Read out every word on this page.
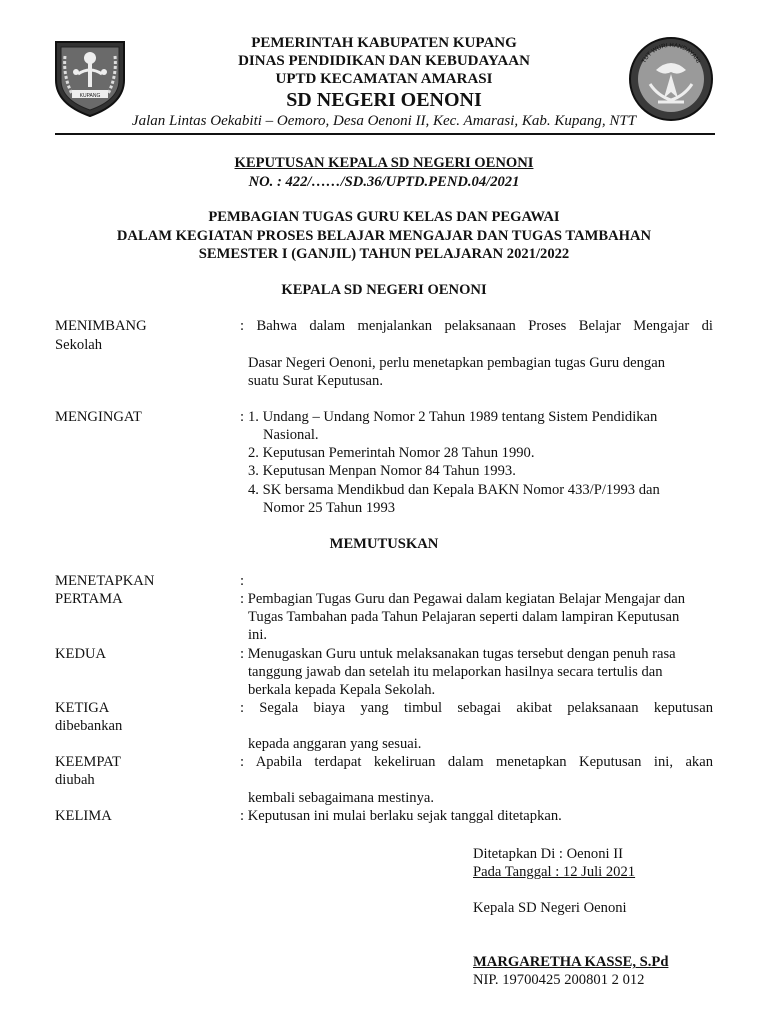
KUPANG
TUT WURI HANDAYANI
PEMERINTAH KABUPATEN KUPANG
DINAS PENDIDIKAN DAN KEBUDAYAAN
UPTD KECAMATAN AMARASI
SD NEGERI OENONI
Jalan Lintas Oekabiti – Oemoro, Desa Oenoni II, Kec. Amarasi, Kab. Kupang, NTT
KEPUTUSAN KEPALA SD NEGERI OENONI
NO. : 422/……/SD.36/UPTD.PEND.04/2021
PEMBAGIAN TUGAS GURU KELAS DAN PEGAWAI
DALAM KEGIATAN PROSES BELAJAR MENGAJAR DAN TUGAS TAMBAHAN
SEMESTER I (GANJIL) TAHUN PELAJARAN 2021/2022
KEPALA SD NEGERI OENONI
MENIMBANG	: Bahwa dalam menjalankan pelaksanaan Proses Belajar Mengajar di
Sekolah
Dasar Negeri Oenoni, perlu menetapkan pembagian tugas Guru dengan
suatu Surat Keputusan.
MENGINGAT	: 1. Undang – Undang Nomor 2 Tahun 1989 tentang Sistem Pendidikan
Nasional.
2. Keputusan Pemerintah Nomor 28 Tahun 1990.
3. Keputusan Menpan Nomor 84 Tahun 1993.
4. SK bersama Mendikbud dan Kepala BAKN Nomor 433/P/1993 dan
Nomor 25 Tahun 1993
MEMUTUSKAN
MENETAPKAN	:
PERTAMA	: Pembagian Tugas Guru dan Pegawai dalam kegiatan Belajar Mengajar dan
Tugas Tambahan pada Tahun Pelajaran seperti dalam lampiran Keputusan
ini.
KEDUA	: Menugaskan Guru untuk melaksanakan tugas tersebut dengan penuh rasa
tanggung jawab dan setelah itu melaporkan hasilnya secara tertulis dan
berkala kepada Kepala Sekolah.
KETIGA	: Segala biaya yang timbul sebagai akibat pelaksanaan keputusan
dibebankan
kepada anggaran yang sesuai.
KEEMPAT	: Apabila terdapat kekeliruan dalam menetapkan Keputusan ini, akan
diubah
kembali sebagaimana mestinya.
KELIMA	: Keputusan ini mulai berlaku sejak tanggal ditetapkan.
Ditetapkan Di : Oenoni II
Pada Tanggal : 12 Juli 2021
Kepala SD Negeri Oenoni
MARGARETHA KASSE, S.Pd
NIP. 19700425 200801 2 012
